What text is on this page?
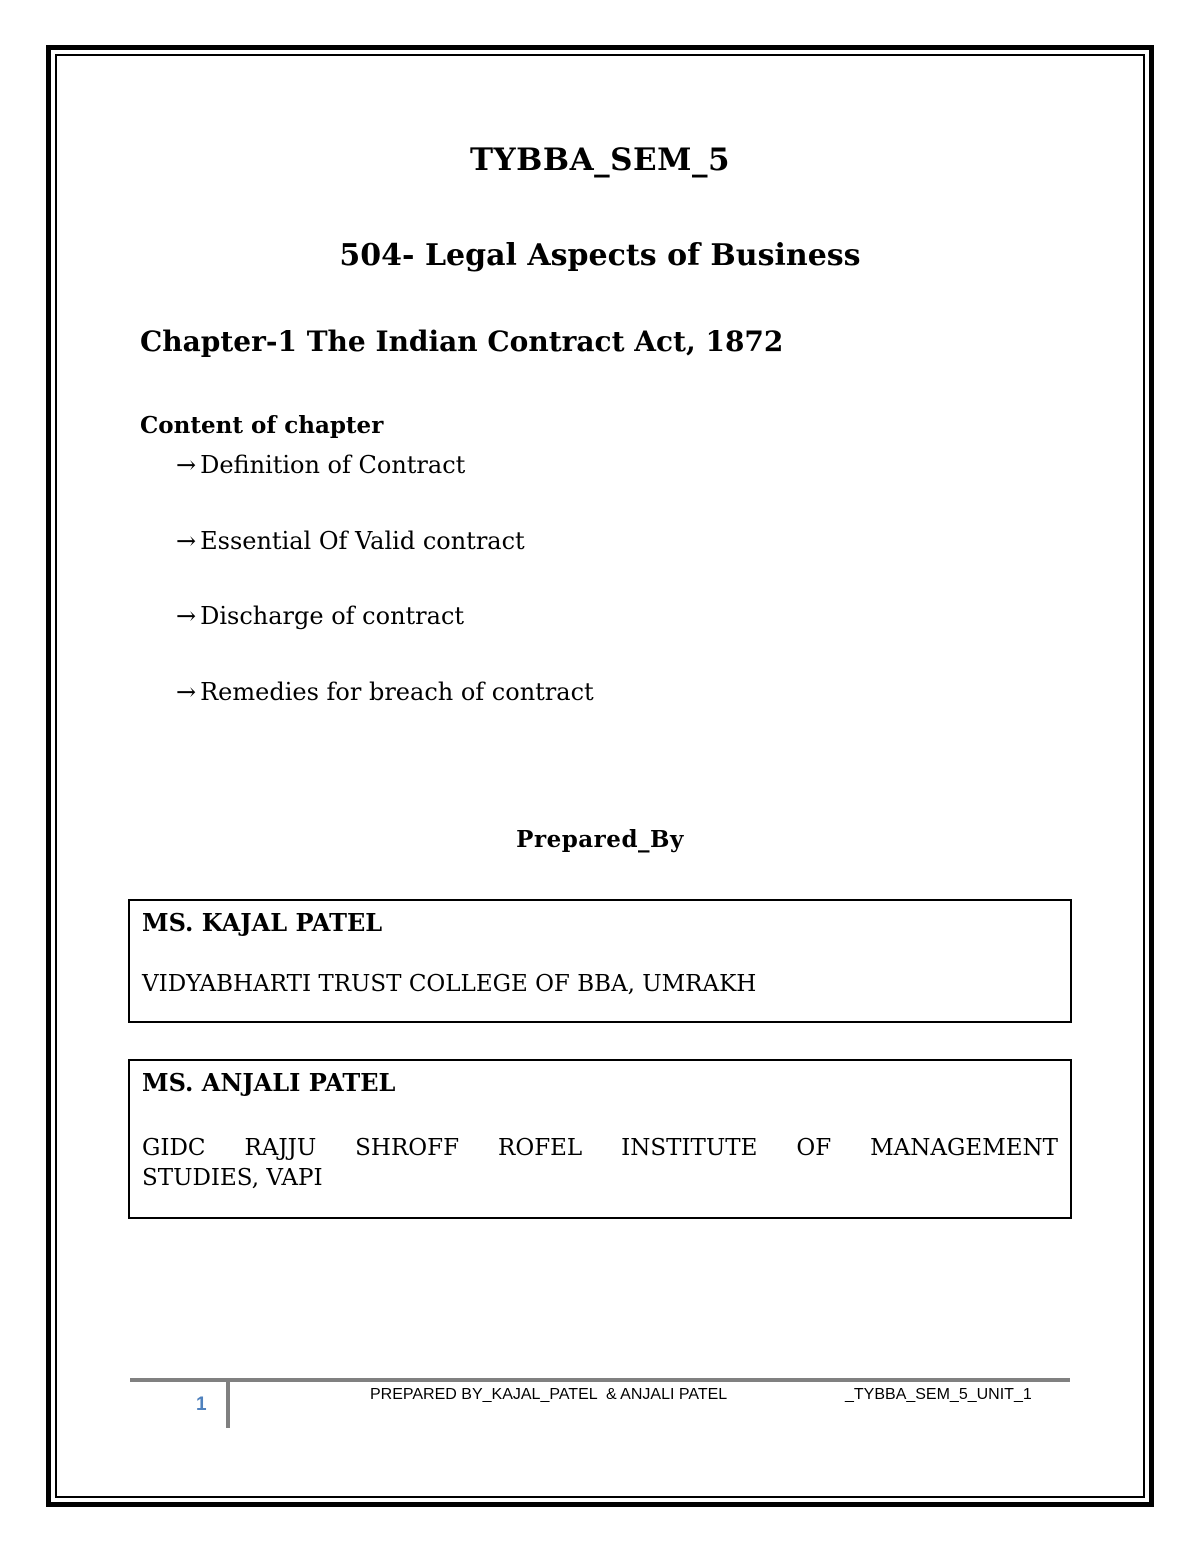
TYBBA_SEM_5
504- Legal Aspects of Business
Chapter-1 The Indian Contract Act, 1872
Content of chapter
→ Definition of Contract
→ Essential Of Valid contract
→ Discharge of contract
→ Remedies for breach of contract
Prepared_By
MS. KAJAL PATEL
VIDYABHARTI TRUST COLLEGE OF BBA, UMRAKH
MS. ANJALI PATEL
GIDC RAJJU SHROFF ROFEL INSTITUTE OF MANAGEMENT
STUDIES, VAPI
1	PREPARED BY_KAJAL_PATEL  & ANJALI PATEL	_TYBBA_SEM_5_UNIT_1
